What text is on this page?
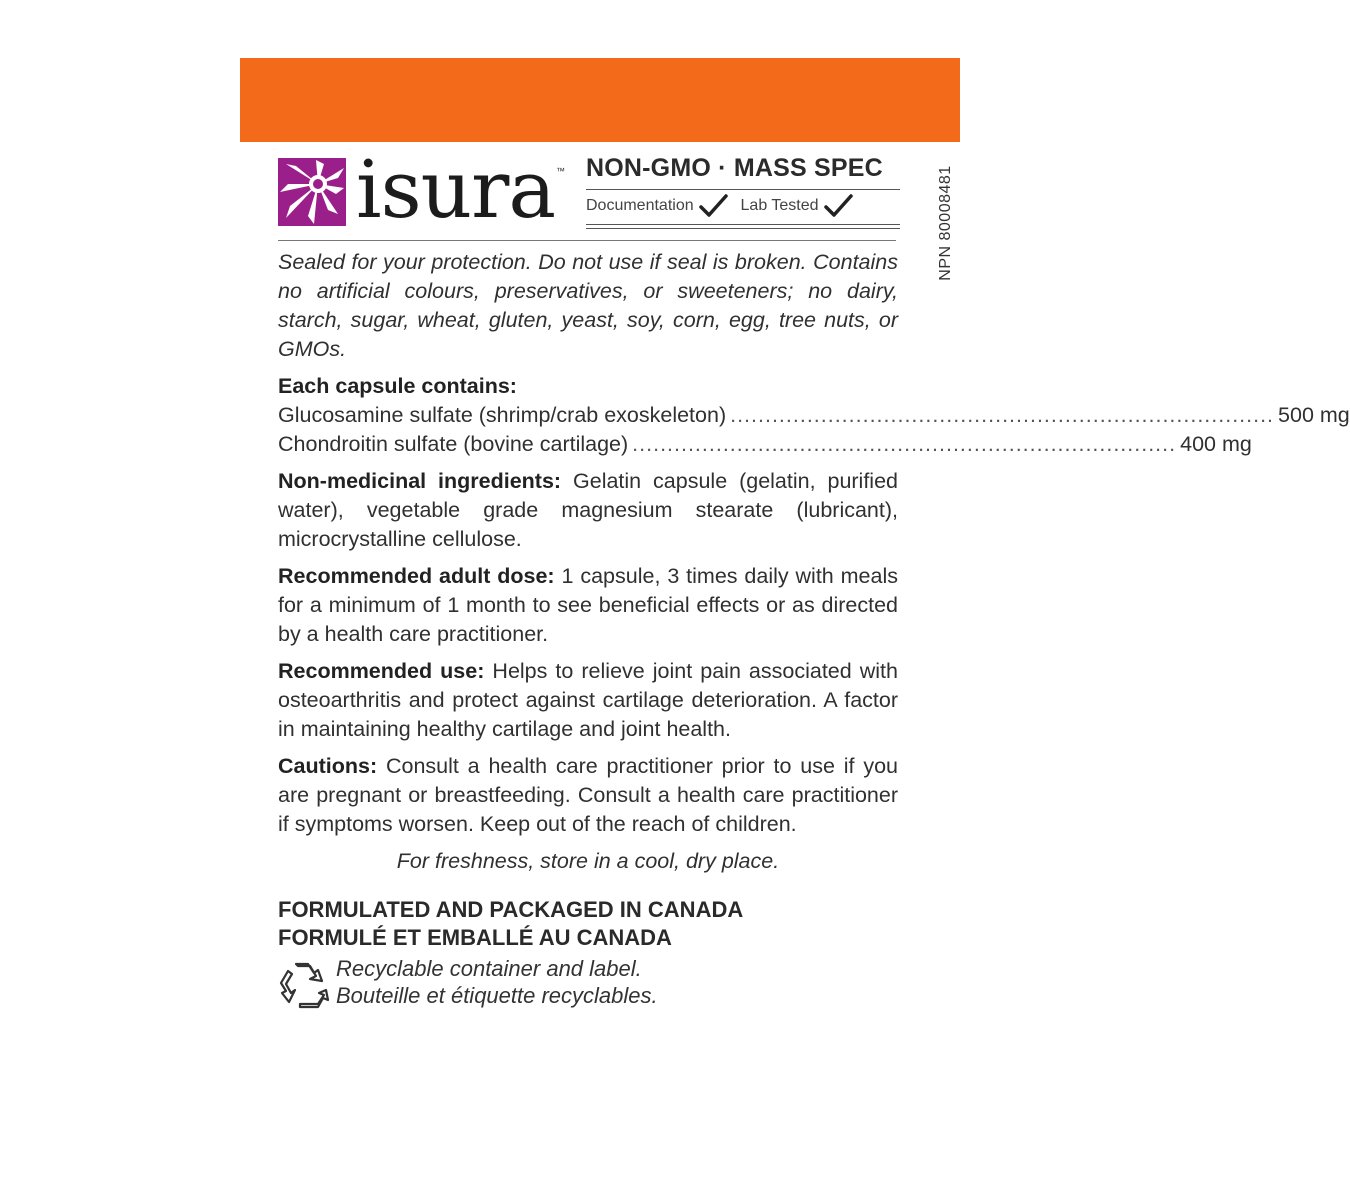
isura ™ NON-GMO · MASS SPEC
Documentation	Lab Tested	NPN 80008481

Sealed for your protection. Do not use if seal is broken. Contains no artificial colours, preservatives, or sweeteners; no dairy, starch, sugar, wheat, gluten, yeast, soy, corn, egg, tree nuts, or GMOs.

Each capsule contains:
Glucosamine sulfate (shrimp/crab exoskeleton) .............................................................................. 500 mg
Chondroitin sulfate (bovine cartilage) .............................................................................. 400 mg

Non-medicinal ingredients: Gelatin capsule (gelatin, purified water), vegetable grade magnesium stearate (lubricant), microcrystalline cellulose.

Recommended adult dose: 1 capsule, 3 times daily with meals for a minimum of 1 month to see beneficial effects or as directed by a health care practitioner.

Recommended use: Helps to relieve joint pain associated with osteoarthritis and protect against cartilage deterioration. A factor in maintaining healthy cartilage and joint health.

Cautions: Consult a health care practitioner prior to use if you are pregnant or breastfeeding. Consult a health care practitioner if symptoms worsen. Keep out of the reach of children.

For freshness, store in a cool, dry place.
FORMULATED AND PACKAGED IN CANADA
FORMULÉ ET EMBALLÉ AU CANADA
Recyclable container and label.
Bouteille et étiquette recyclables.
